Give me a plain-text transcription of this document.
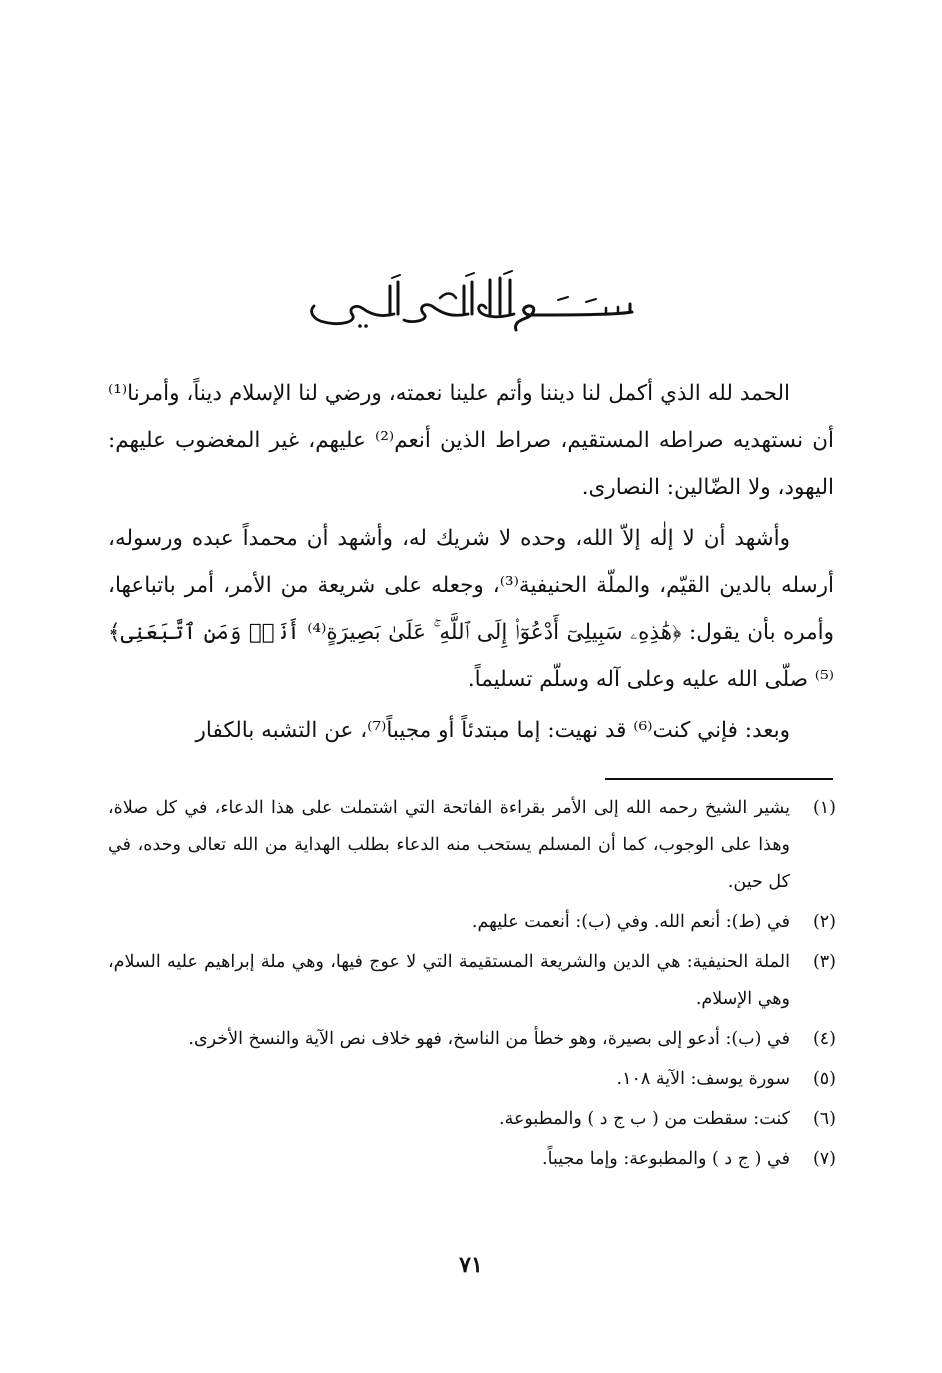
الحمد لله الذي أكمل لنا ديننا وأتم علينا نعمته، ورضي لنا الإسلام ديناً، وأمرنا⁽¹⁾ أن نستهديه صراطه المستقيم، صراط الذين أنعم⁽²⁾ عليهم، غير المغضوب عليهم: اليهود، ولا الضّالين: النصارى.

وأشهد أن لا إلٰه إلاّ الله، وحده لا شريك له، وأشهد أن محمداً عبده ورسوله، أرسله بالدين القيّم، والملّة الحنيفية⁽³⁾، وجعله على شريعة من الأمر، أمر باتباعها، وأمره بأن يقول: ﴿هَٰذِهِۦ سَبِيلِىٓ أَدْعُوٓا۟ إِلَى ٱللَّهِ ۚ عَلَىٰ بَصِيرَةٍ⁽⁴⁾ أَنَا۠ وَمَنِ ٱتَّبَعَنِى﴾⁽⁵⁾ صلّى الله عليه وعلى آله وسلّم تسليماً.

وبعد: فإني كنت⁽⁶⁾ قد نهيت: إما مبتدئاً أو مجيباً⁽⁷⁾، عن التشبه بالكفار

(١)
يشير الشيخ رحمه الله إلى الأمر بقراءة الفاتحة التي اشتملت على هذا الدعاء، في كل صلاة، وهذا على الوجوب، كما أن المسلم يستحب منه الدعاء بطلب الهداية من الله تعالى وحده، في كل حين.
(٢)
في (ط): أنعم الله. وفي (ب): أنعمت عليهم.
(٣)
الملة الحنيفية: هي الدين والشريعة المستقيمة التي لا عوج فيها، وهي ملة إبراهيم عليه السلام، وهي الإسلام.
(٤)
في (ب): أدعو إلى بصيرة، وهو خطأ من الناسخ، فهو خلاف نص الآية والنسخ الأخرى.
(٥)
سورة يوسف: الآية ١٠٨.
(٦)
كنت: سقطت من ( ب ج د ) والمطبوعة.
(٧)
في ( ج د ) والمطبوعة: وإما مجيباً.
٧١
